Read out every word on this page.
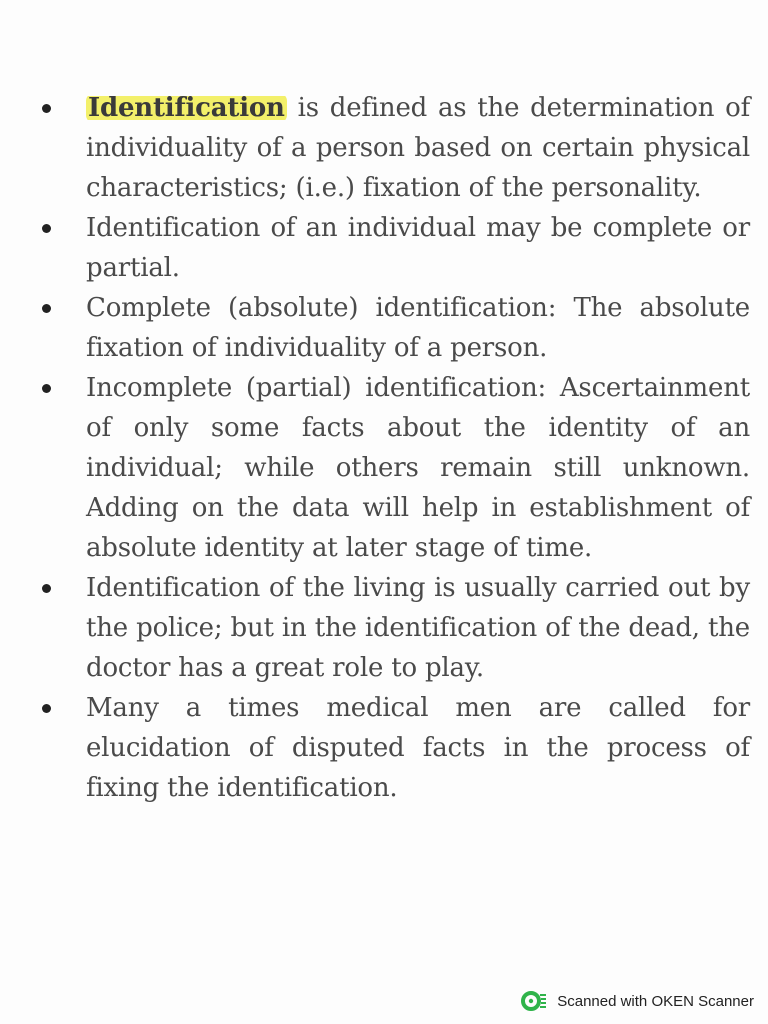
Identification is defined as the determination of individuality of a person based on certain physical characteristics; (i.e.) fixation of the personality.
Identification of an individual may be complete or partial.
Complete (absolute) identification: The absolute fixation of individuality of a person.
Incomplete (partial) identification: Ascertainment of only some facts about the identity of an individual; while others remain still unknown. Adding on the data will help in establishment of absolute identity at later stage of time.
Identification of the living is usually carried out by the police; but in the identification of the dead, the doctor has a great role to play.
Many a times medical men are called for elucidation of disputed facts in the process of fixing the identification.
Scanned with OKEN Scanner
